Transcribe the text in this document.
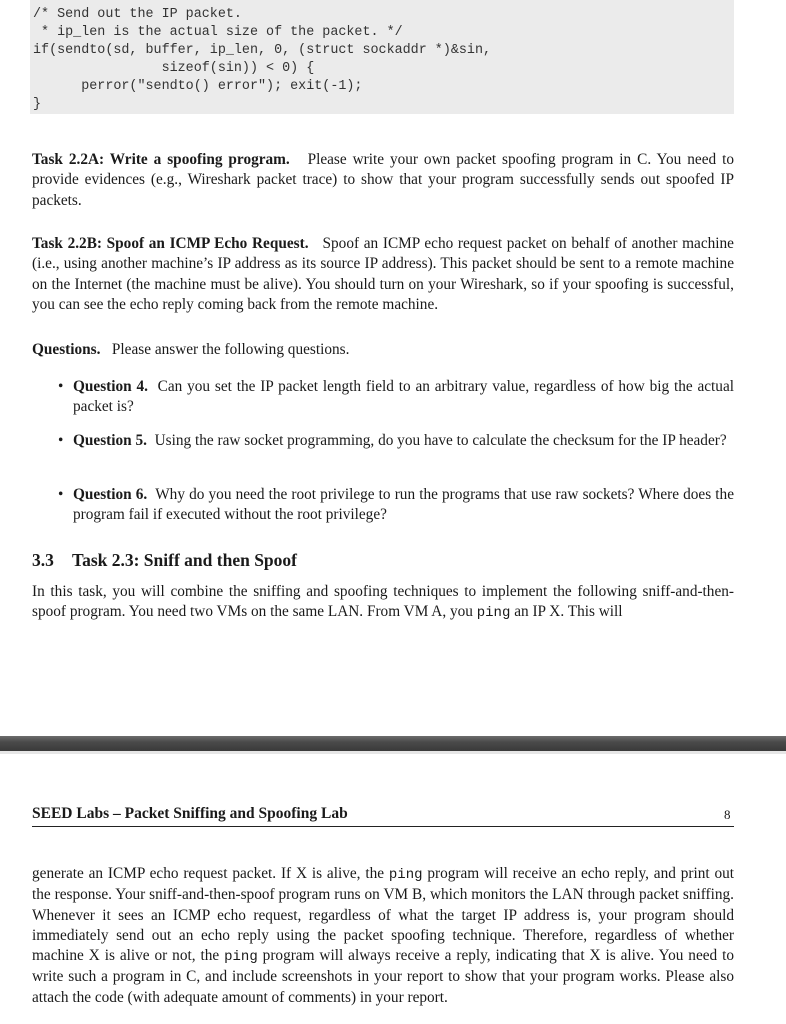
/* Send out the IP packet.
* ip_len is the actual size of the packet. */
if(sendto(sd, buffer, ip_len, 0, (struct sockaddr *)&sin,
sizeof(sin)) < 0) {
perror("sendto() error"); exit(-1);
}

Task 2.2A: Write a spoofing program. Please write your own packet spoofing program in C. You need to provide evidences (e.g., Wireshark packet trace) to show that your program successfully sends out spoofed IP packets.

Task 2.2B: Spoof an ICMP Echo Request. Spoof an ICMP echo request packet on behalf of another machine (i.e., using another machine’s IP address as its source IP address). This packet should be sent to a remote machine on the Internet (the machine must be alive). You should turn on your Wireshark, so if your spoofing is successful, you can see the echo reply coming back from the remote machine.

Questions. Please answer the following questions.

• Question 4. Can you set the IP packet length field to an arbitrary value, regardless of how big the actual packet is?
• Question 5. Using the raw socket programming, do you have to calculate the checksum for the IP header?
• Question 6. Why do you need the root privilege to run the programs that use raw sockets? Where does the program fail if executed without the root privilege?
3.3 Task 2.3: Sniff and then Spoof

In this task, you will combine the sniffing and spoofing techniques to implement the following sniff-and-then-spoof program. You need two VMs on the same LAN. From VM A, you ping an IP X. This will

SEED Labs – Packet Sniffing and Spoofing Lab	8

generate an ICMP echo request packet. If X is alive, the ping program will receive an echo reply, and print out the response. Your sniff-and-then-spoof program runs on VM B, which monitors the LAN through packet sniffing. Whenever it sees an ICMP echo request, regardless of what the target IP address is, your program should immediately send out an echo reply using the packet spoofing technique. Therefore, regardless of whether machine X is alive or not, the ping program will always receive a reply, indicating that X is alive. You need to write such a program in C, and include screenshots in your report to show that your program works. Please also attach the code (with adequate amount of comments) in your report.
